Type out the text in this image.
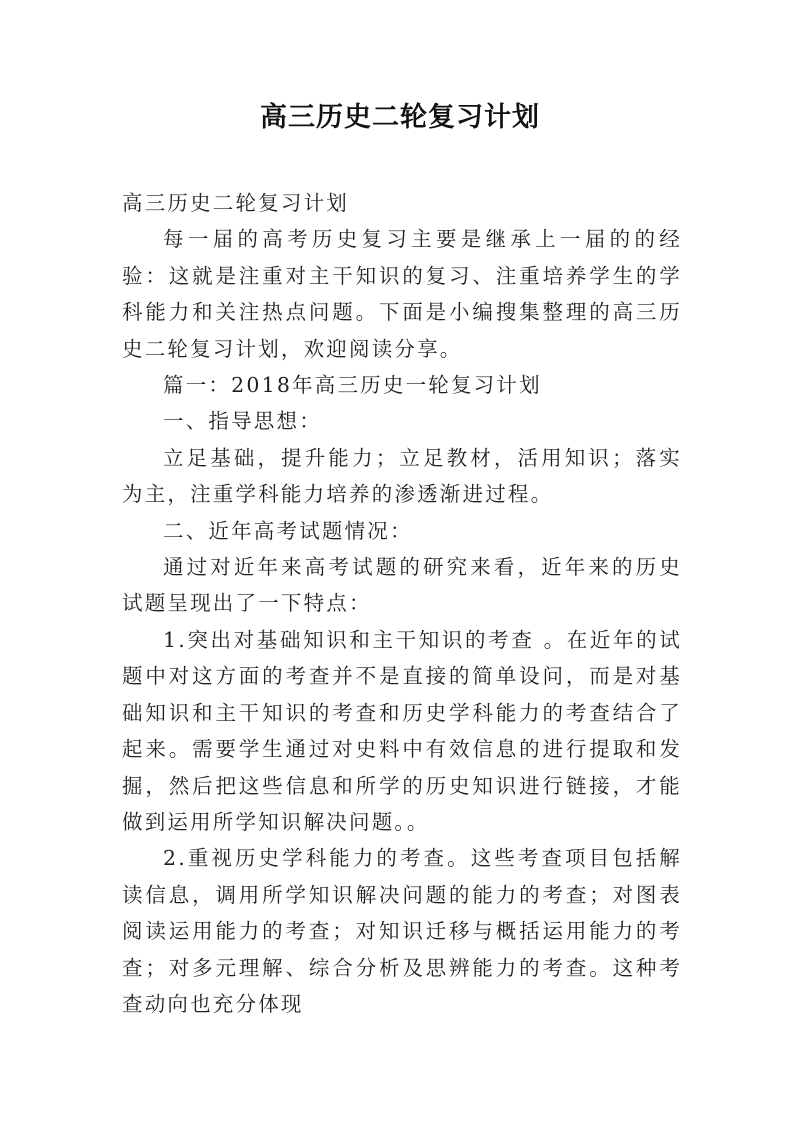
高三历史二轮复习计划

高三历史二轮复习计划

每一届的高考历史复习主要是继承上一届的的经验：这就是注重对主干知识的复习、注重培养学生的学科能力和关注热点问题。下面是小编搜集整理的高三历史二轮复习计划，欢迎阅读分享。

篇一：2018年高三历史一轮复习计划

一、指导思想：

立足基础，提升能力；立足教材，活用知识；落实为主，注重学科能力培养的渗透渐进过程。

二、近年高考试题情况：

通过对近年来高考试题的研究来看，近年来的历史试题呈现出了一下特点：

1.突出对基础知识和主干知识的考查 。在近年的试题中对这方面的考查并不是直接的简单设问，而是对基础知识和主干知识的考查和历史学科能力的考查结合了起来。需要学生通过对史料中有效信息的进行提取和发掘，然后把这些信息和所学的历史知识进行链接，才能做到运用所学知识解决问题。。

2.重视历史学科能力的考查。这些考查项目包括解读信息，调用所学知识解决问题的能力的考查；对图表阅读运用能力的考查；对知识迁移与概括运用能力的考查；对多元理解、综合分析及思辨能力的考查。这种考查动向也充分体现
